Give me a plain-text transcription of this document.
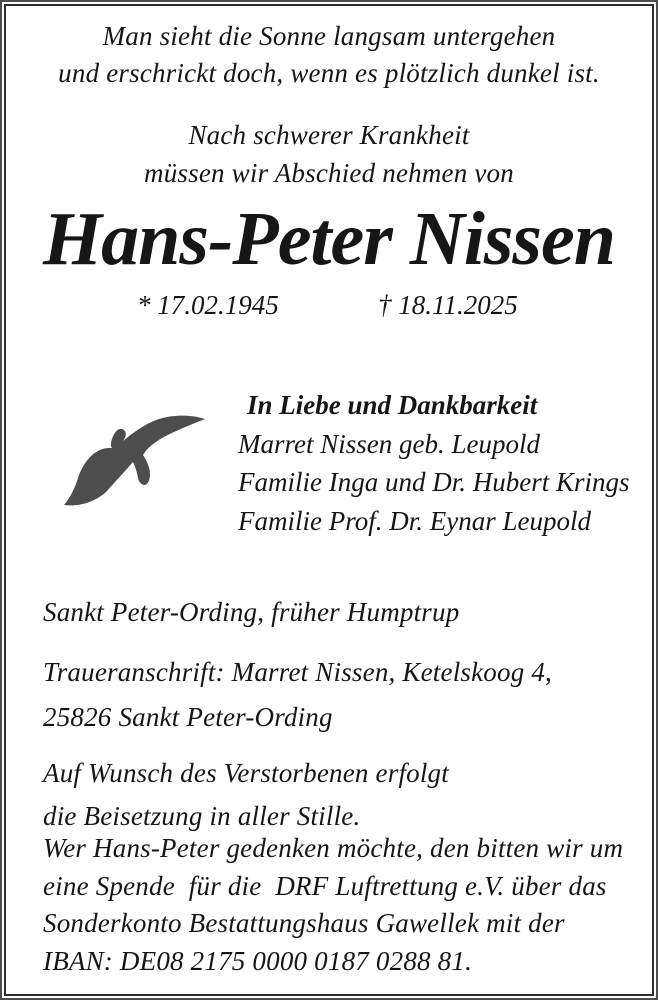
Man sieht die Sonne langsam untergehen
und erschrickt doch, wenn es plötzlich dunkel ist.
Nach schwerer Krankheit
müssen wir Abschied nehmen von
Hans-Peter Nissen
* 17.02.1945	† 18.11.2025
In Liebe und Dankbarkeit
Marret Nissen geb. Leupold
Familie Inga und Dr. Hubert Krings
Familie Prof. Dr. Eynar Leupold
Sankt Peter-Ording, früher Humptrup
Traueranschrift: Marret Nissen, Ketelskoog 4,
25826 Sankt Peter-Ording
Auf Wunsch des Verstorbenen erfolgt
die Beisetzung in aller Stille.
Wer Hans-Peter gedenken möchte, den bitten wir um
eine Spende  für die  DRF Luftrettung e.V. über das
Sonderkonto Bestattungshaus Gawellek mit der
IBAN: DE08 2175 0000 0187 0288 81.
